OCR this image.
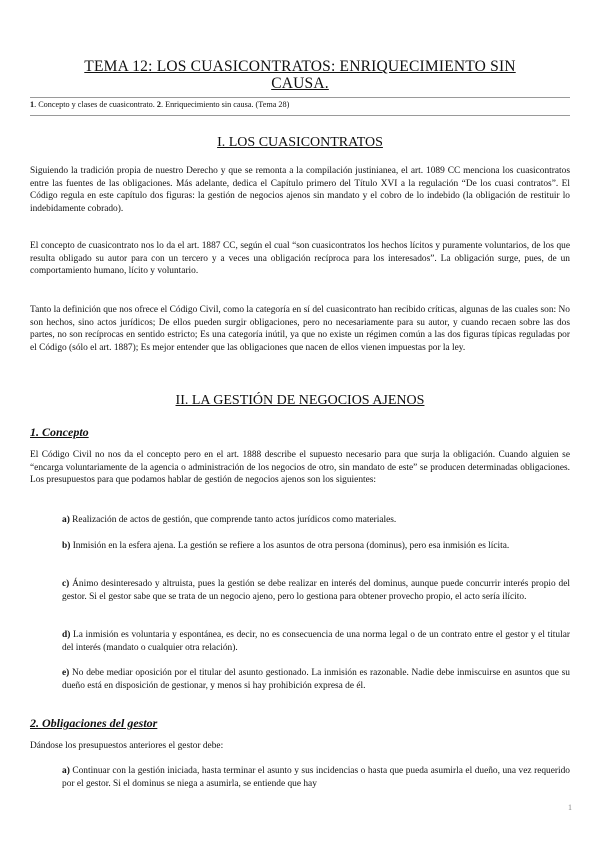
TEMA 12: LOS CUASICONTRATOS: ENRIQUECIMIENTO SIN CAUSA.
1. Concepto y clases de cuasicontrato. 2. Enriquecimiento sin causa. (Tema 28)
I. LOS CUASICONTRATOS
Siguiendo la tradición propia de nuestro Derecho y que se remonta a la compilación justinianea, el art. 1089 CC menciona los cuasicontratos entre las fuentes de las obligaciones. Más adelante, dedica el Capítulo primero del Título XVI a la regulación “De los cuasi contratos”. El Código regula en este capítulo dos figuras: la gestión de negocios ajenos sin mandato y el cobro de lo indebido (la obligación de restituir lo indebidamente cobrado).
El concepto de cuasicontrato nos lo da el art. 1887 CC, según el cual “son cuasicontratos los hechos lícitos y puramente voluntarios, de los que resulta obligado su autor para con un tercero y a veces una obligación recíproca para los interesados”. La obligación surge, pues, de un comportamiento humano, lícito y voluntario.
Tanto la definición que nos ofrece el Código Civil, como la categoría en sí del cuasicontrato han recibido críticas, algunas de las cuales son: No son hechos, sino actos jurídicos; De ellos pueden surgir obligaciones, pero no necesariamente para su autor, y cuando recaen sobre las dos partes, no son recíprocas en sentido estricto; Es una categoría inútil, ya que no existe un régimen común a las dos figuras típicas reguladas por el Código (sólo el art. 1887); Es mejor entender que las obligaciones que nacen de ellos vienen impuestas por la ley.
II. LA GESTIÓN DE NEGOCIOS AJENOS
1. Concepto
El Código Civil no nos da el concepto pero en el art. 1888 describe el supuesto necesario para que surja la obligación. Cuando alguien se “encarga voluntariamente de la agencia o administración de los negocios de otro, sin mandato de este” se producen determinadas obligaciones. Los presupuestos para que podamos hablar de gestión de negocios ajenos son los siguientes:
a) Realización de actos de gestión, que comprende tanto actos jurídicos como materiales.
b) Inmisión en la esfera ajena. La gestión se refiere a los asuntos de otra persona (dominus), pero esa inmisión es lícita.
c) Ánimo desinteresado y altruista, pues la gestión se debe realizar en interés del dominus, aunque puede concurrir interés propio del gestor. Si el gestor sabe que se trata de un negocio ajeno, pero lo gestiona para obtener provecho propio, el acto sería ilícito.
d) La inmisión es voluntaria y espontánea, es decir, no es consecuencia de una norma legal o de un contrato entre el gestor y el titular del interés (mandato o cualquier otra relación).
e) No debe mediar oposición por el titular del asunto gestionado. La inmisión es razonable. Nadie debe inmiscuirse en asuntos que su dueño está en disposición de gestionar, y menos si hay prohibición expresa de él.
2. Obligaciones del gestor
Dándose los presupuestos anteriores el gestor debe:
a) Continuar con la gestión iniciada, hasta terminar el asunto y sus incidencias o hasta que pueda asumirla el dueño, una vez requerido por el gestor. Si el dominus se niega a asumirla, se entiende que hay
1
